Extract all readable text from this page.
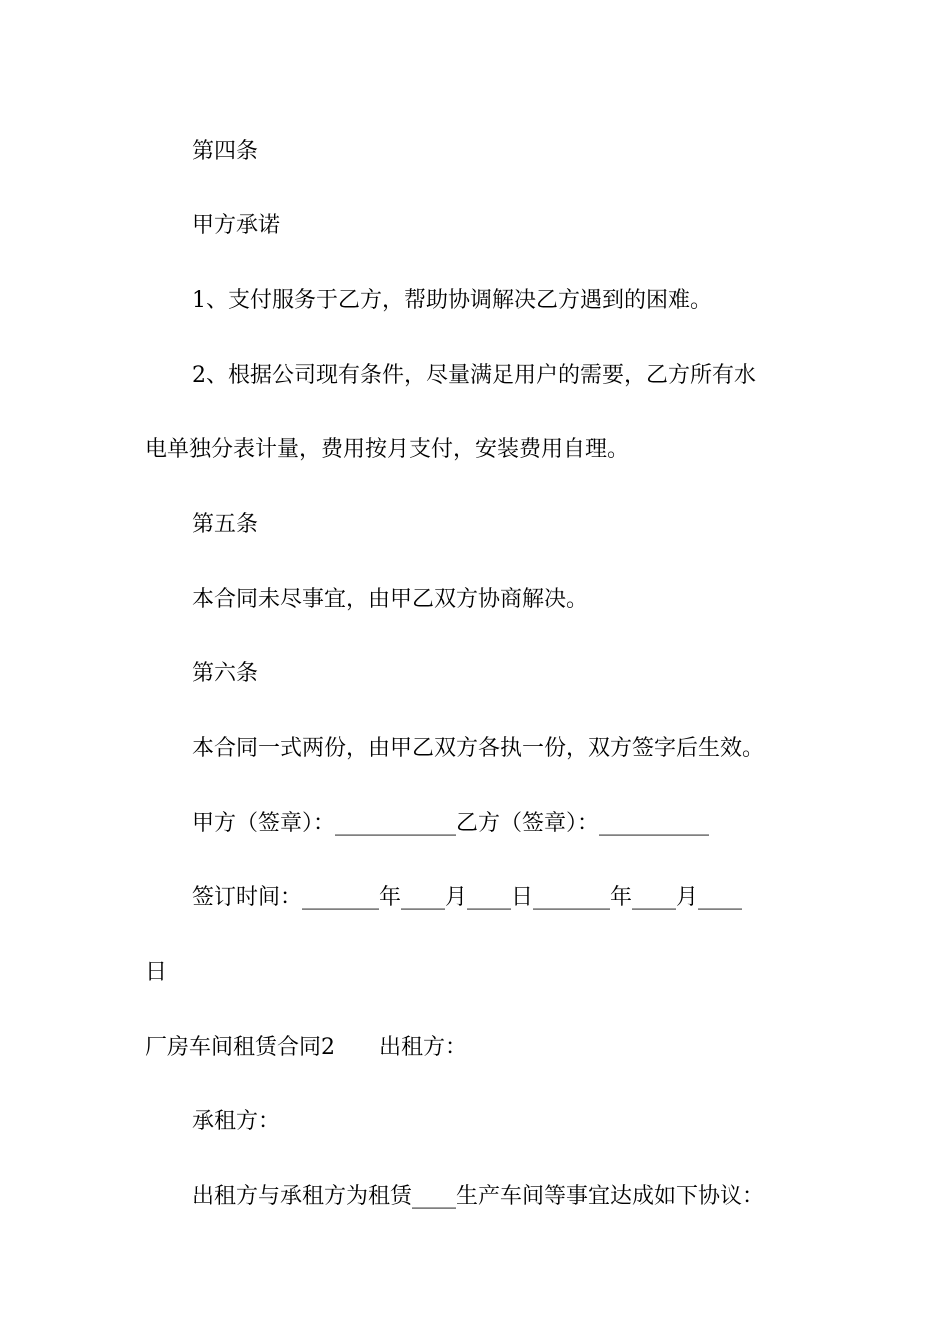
第四条
甲方承诺
1、支付服务于乙方，帮助协调解决乙方遇到的困难。
2、根据公司现有条件，尽量满足用户的需要，乙方所有水
电单独分表计量，费用按月支付，安装费用自理。
第五条
本合同未尽事宜，由甲乙双方协商解决。
第六条
本合同一式两份，由甲乙双方各执一份，双方签字后生效。
甲方（签章）：___________乙方（签章）：__________
签订时间：_______年____月____日_______年____月____
日
厂房车间租赁合同2　　出租方：
承租方：
出租方与承租方为租赁____生产车间等事宜达成如下协议：
